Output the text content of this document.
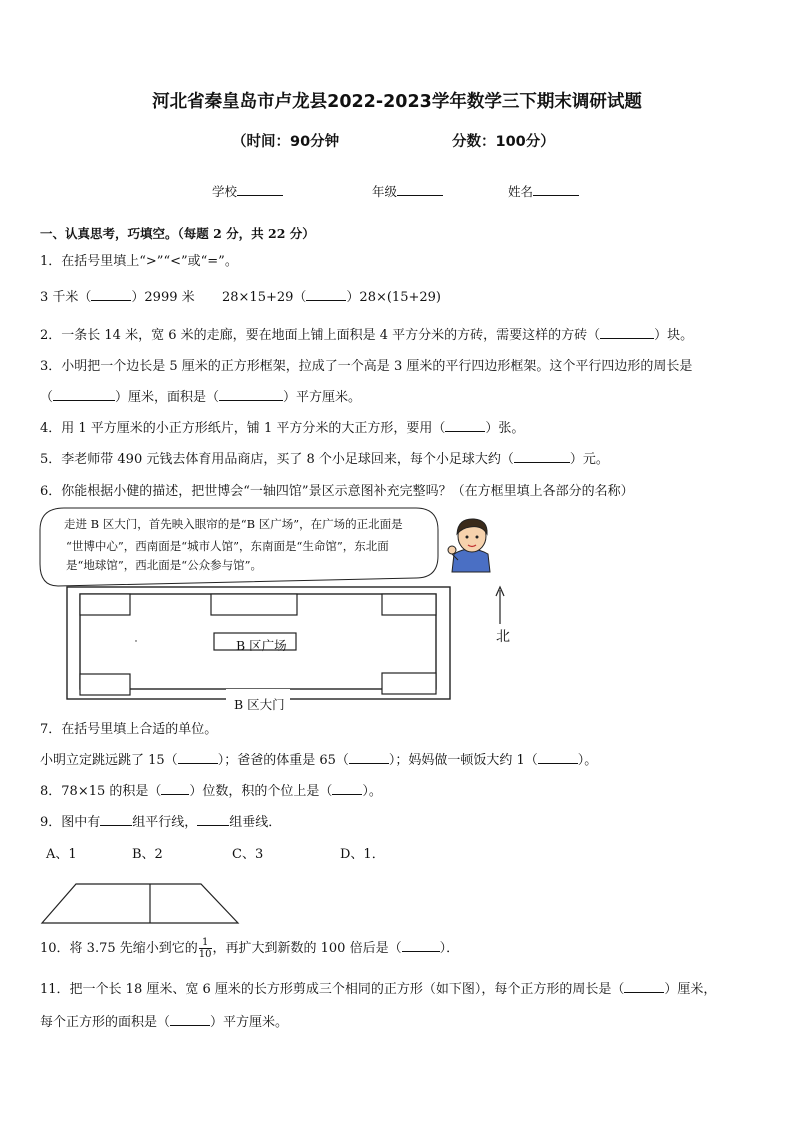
河北省秦皇岛市卢龙县2022-2023学年数学三下期末调研试题
（时间：90分钟	分数：100分）
学校	年级	姓名
一、认真思考，巧填空。（每题 2 分，共 22 分）
1．在括号里填上“>”“<”或“=”。
3 千米（	）2999 米 28×15+29（	）28×(15+29)
2．一条长 14 米，宽 6 米的走廊，要在地面上铺上面积是 4 平方分米的方砖，需要这样的方砖（	）块。
3．小明把一个边长是 5 厘米的正方形框架，拉成了一个高是 3 厘米的平行四边形框架。这个平行四边形的周长是
（	）厘米，面积是（	）平方厘米。
4．用 1 平方厘米的小正方形纸片，铺 1 平方分米的大正方形，要用（	）张。
5．李老师带 490 元钱去体育用品商店，买了 8 个小足球回来，每个小足球大约（	）元。
6．你能根据小健的描述，把世博会“一轴四馆”景区示意图补充完整吗？（在方框里填上各部分的名称）
走进 B 区大门，首先映入眼帘的是“B 区广场”，在广场的正北面是
“世博中心”，西南面是“城市人馆”，东南面是“生命馆”，东北面
是“地球馆”，西北面是“公众参与馆”。
B 区广场
B 区大门
北
7．在括号里填上合适的单位。
小明立定跳远跳了 15（	）；爸爸的体重是 65（	）；妈妈做一顿饭大约 1（	）。
8．78×15 的积是（ ）位数，积的个位上是（ ）。
9．图中有 组平行线， 组垂线．
A、1	B、2	C、3	D、1．
10．将 3.75 先缩小到它的 $\frac{1}{10}$ ，再扩大到新数的 100 倍后是（	）．
11．把一个长 18 厘米、宽 6 厘米的长方形剪成三个相同的正方形（如下图），每个正方形的周长是（	）厘米，
每个正方形的面积是（	）平方厘米。
